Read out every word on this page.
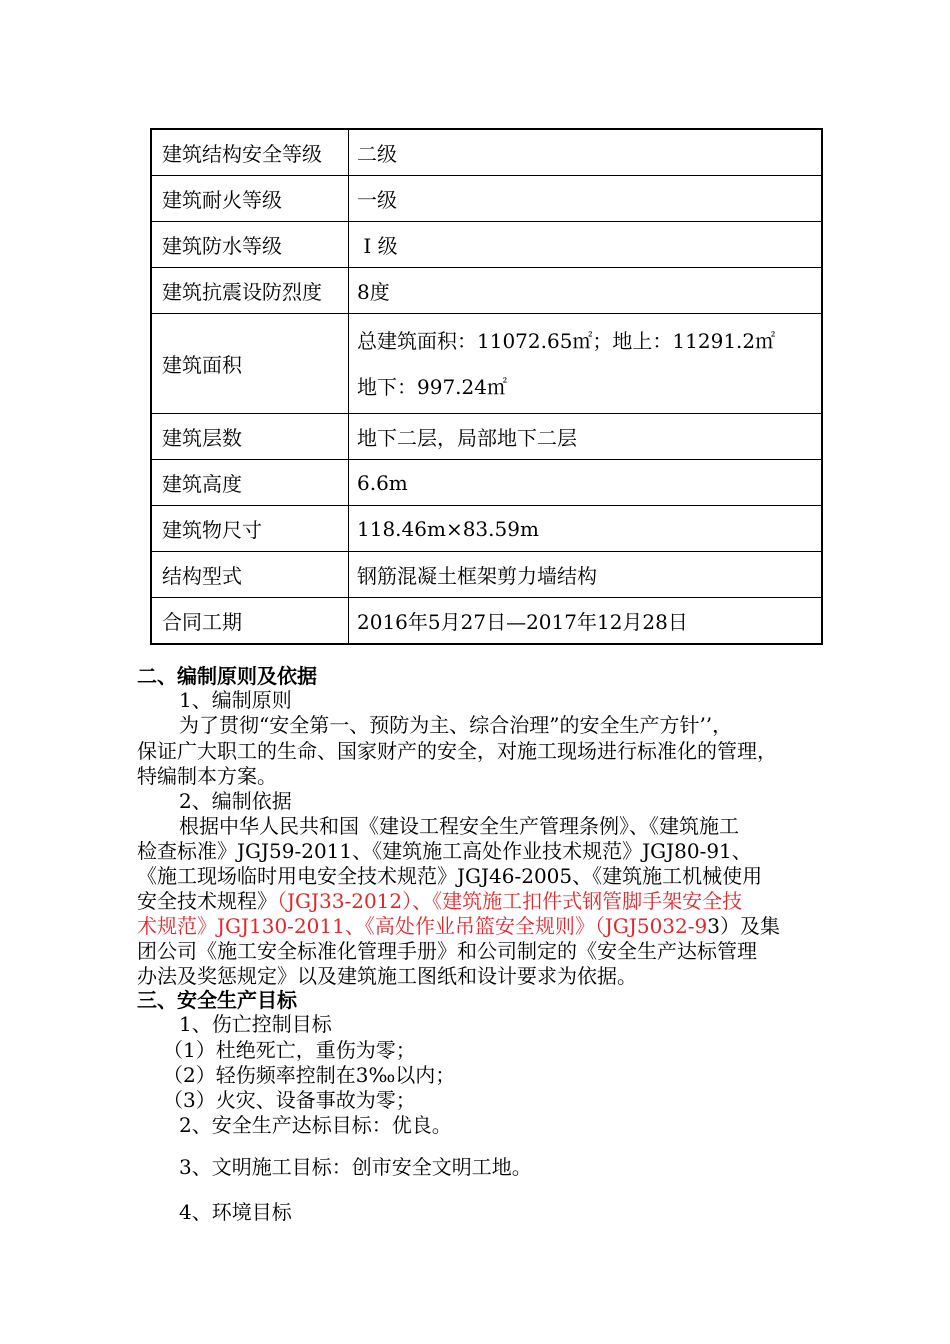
建筑结构安全等级	二级
建筑耐火等级	一级
建筑防水等级	Ⅰ 级
建筑抗震设防烈度	8度
建筑面积	总建筑面积：11072.65㎡；地上：11291.2㎡
地下：997.24㎡

建筑层数	地下二层，局部地下二层
建筑高度	6.6m
建筑物尺寸	118.46m×83.59m
结构型式	钢筋混凝土框架剪力墙结构
合同工期	2016年5月27日—2017年12月28日
二、编制原则及依据
1、编制原则
为了贯彻“安全第一、预防为主、综合治理”的安全生产方针’’，
保证广大职工的生命、国家财产的安全，对施工现场进行标准化的管理，
特编制本方案。
2、编制依据
根据中华人民共和国《建设工程安全生产管理条例》、《建筑施工
检查标准》JGJ59-2011、《建筑施工高处作业技术规范》JGJ80-91、
《施工现场临时用电安全技术规范》JGJ46-2005、《建筑施工机械使用
安全技术规程》（JGJ33-2012）、《建筑施工扣件式钢管脚手架安全技
术规范》JGJ130-2011、《高处作业吊篮安全规则》（JGJ5032-93）及集
团公司《施工安全标准化管理手册》和公司制定的《安全生产达标管理
办法及奖惩规定》以及建筑施工图纸和设计要求为依据。
三、安全生产目标
1、伤亡控制目标
（1）杜绝死亡，重伤为零；
（2）轻伤频率控制在3‰以内；
（3）火灾、设备事故为零；
2、安全生产达标目标：优良。
3、文明施工目标：创市安全文明工地。
4、环境目标
